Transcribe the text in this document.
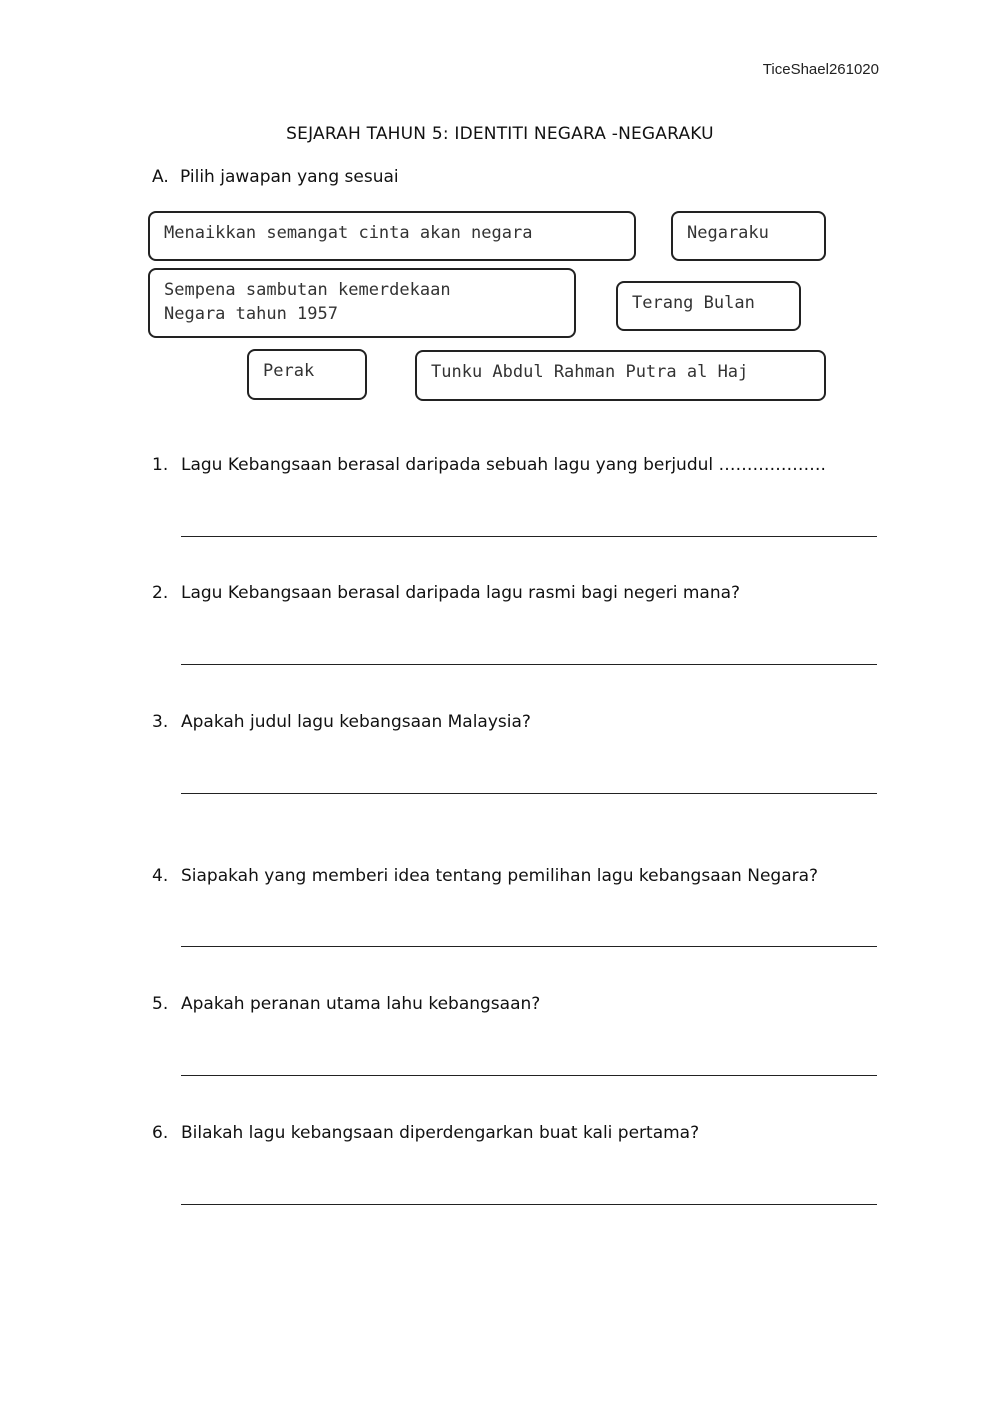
TiceShael261020
SEJARAH TAHUN 5: IDENTITI NEGARA -NEGARAKU
A. Pilih jawapan yang sesuai
Menaikkan semangat cinta akan negara	Negaraku
Sempena sambutan kemerdekaan
Negara tahun 1957
Terang Bulan
Perak	Tunku Abdul Rahman Putra al Haj
1. Lagu Kebangsaan berasal daripada sebuah lagu yang berjudul ……………….
2. Lagu Kebangsaan berasal daripada lagu rasmi bagi negeri mana?
3. Apakah judul lagu kebangsaan Malaysia?
4. Siapakah yang memberi idea tentang pemilihan lagu kebangsaan Negara?
5. Apakah peranan utama lahu kebangsaan?
6. Bilakah lagu kebangsaan diperdengarkan buat kali pertama?
